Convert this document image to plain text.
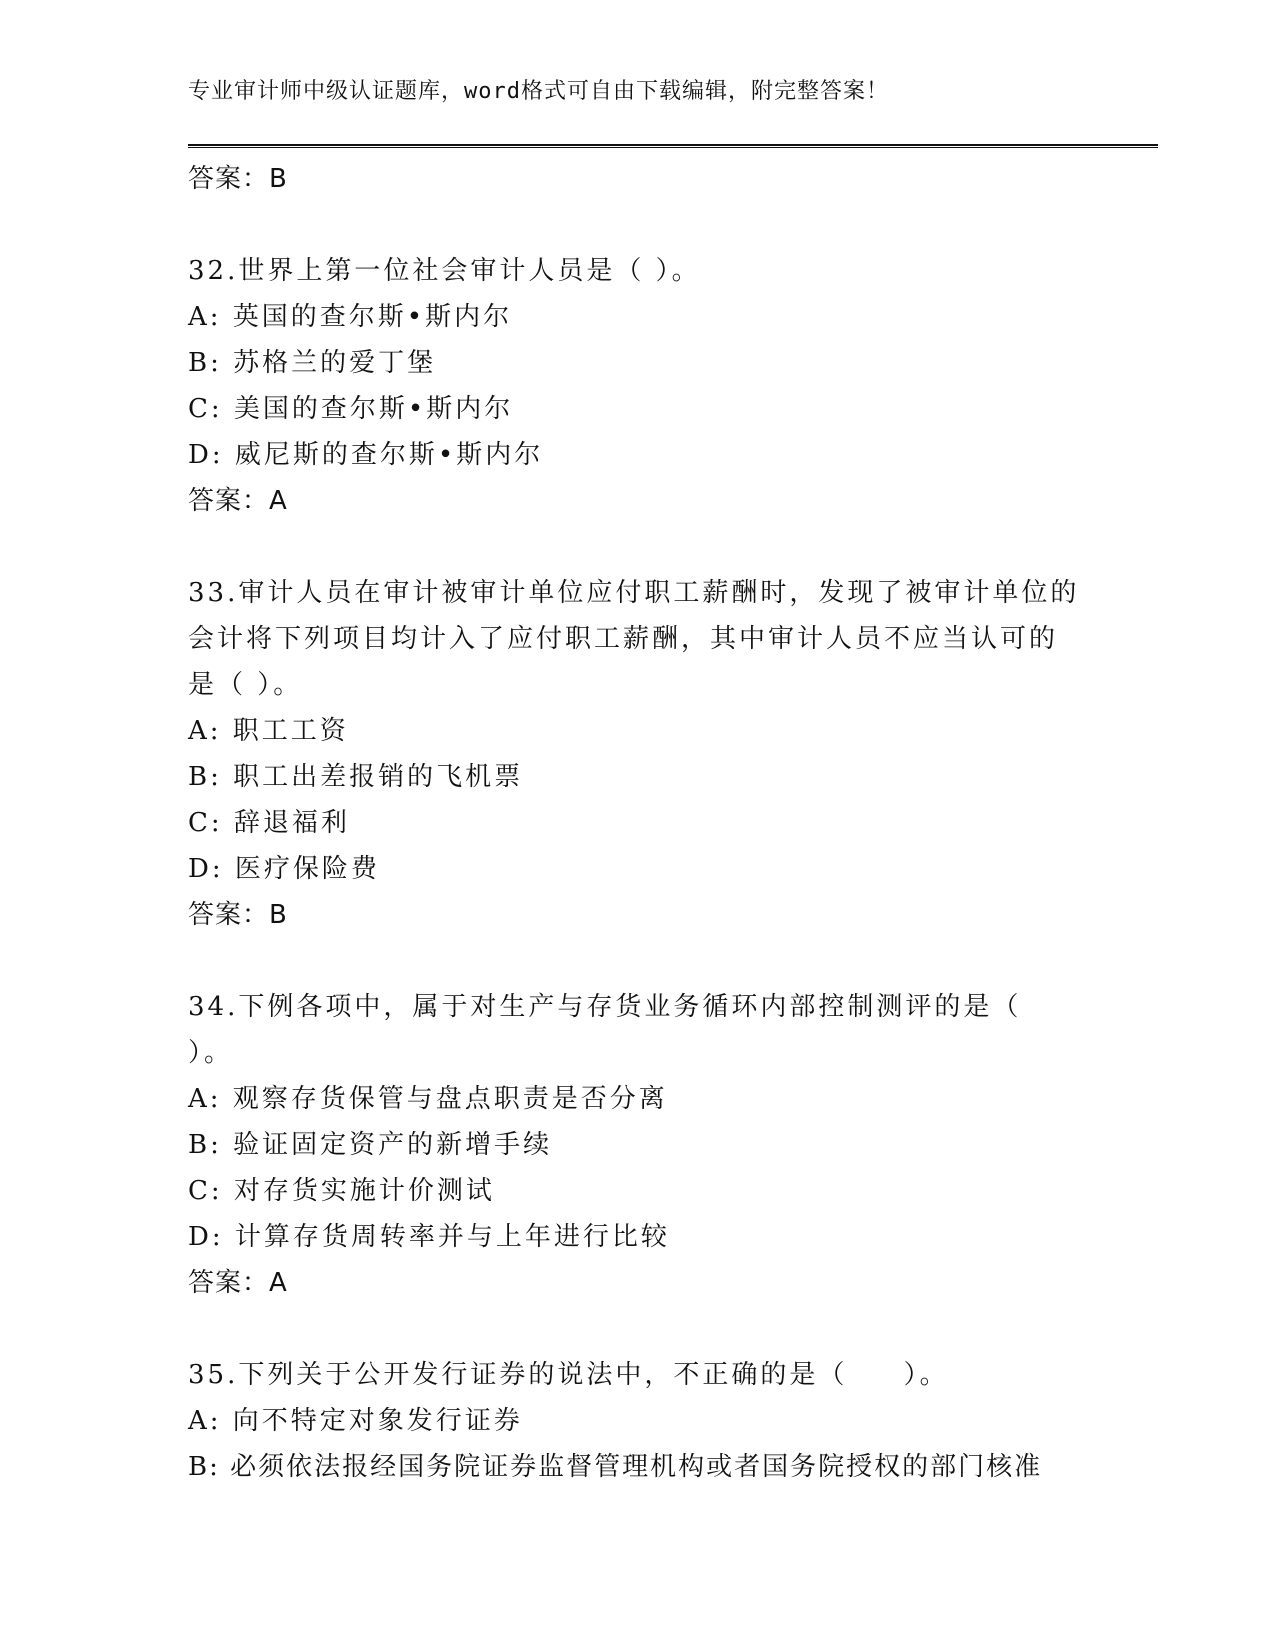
专业审计师中级认证题库，word格式可自由下载编辑，附完整答案！
答案：B
32.世界上第一位社会审计人员是（ ）。
A: 英国的查尔斯•斯内尔
B: 苏格兰的爱丁堡
C: 美国的查尔斯•斯内尔
D: 威尼斯的查尔斯•斯内尔
答案：A
33.审计人员在审计被审计单位应付职工薪酬时，发现了被审计单位的
会计将下列项目均计入了应付职工薪酬，其中审计人员不应当认可的
是（ ）。
A: 职工工资
B: 职工出差报销的飞机票
C: 辞退福利
D: 医疗保险费
答案：B
34.下例各项中，属于对生产与存货业务循环内部控制测评的是（
）。
A: 观察存货保管与盘点职责是否分离
B: 验证固定资产的新增手续
C: 对存货实施计价测试
D: 计算存货周转率并与上年进行比较
答案：A
35.下列关于公开发行证券的说法中，不正确的是（     ）。
A: 向不特定对象发行证券
B: 必须依法报经国务院证券监督管理机构或者国务院授权的部门核准
